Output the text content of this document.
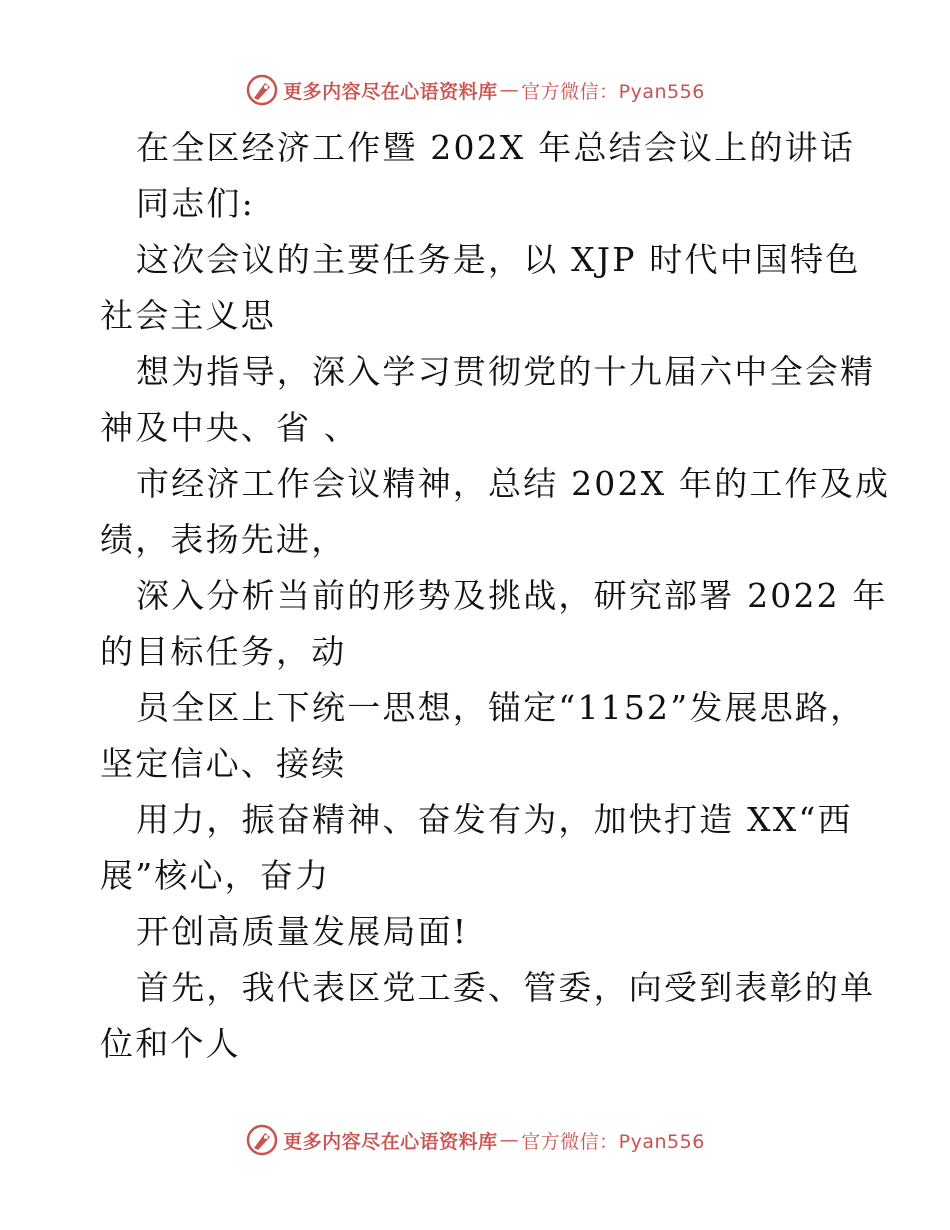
更多内容尽在心语资料库 — 官方微信：Pyan556
在全区经济工作暨 202X 年总结会议上的讲话
同志们:
这次会议的主要任务是，以 XJP 时代中国特色
社会主义思
想为指导，深入学习贯彻党的十九届六中全会精
神及中央、省 、
市经济工作会议精神，总结 202X 年的工作及成
绩，表扬先进，
深入分析当前的形势及挑战，研究部署 2022 年
的目标任务，动
员全区上下统一思想，锚定“1152”发展思路，
坚定信心、接续
用力，振奋精神、奋发有为，加快打造 XX“西
展”核心，奋力
开创高质量发展局面!
首先，我代表区党工委、管委，向受到表彰的单
位和个人
更多内容尽在心语资料库 — 官方微信：Pyan556
